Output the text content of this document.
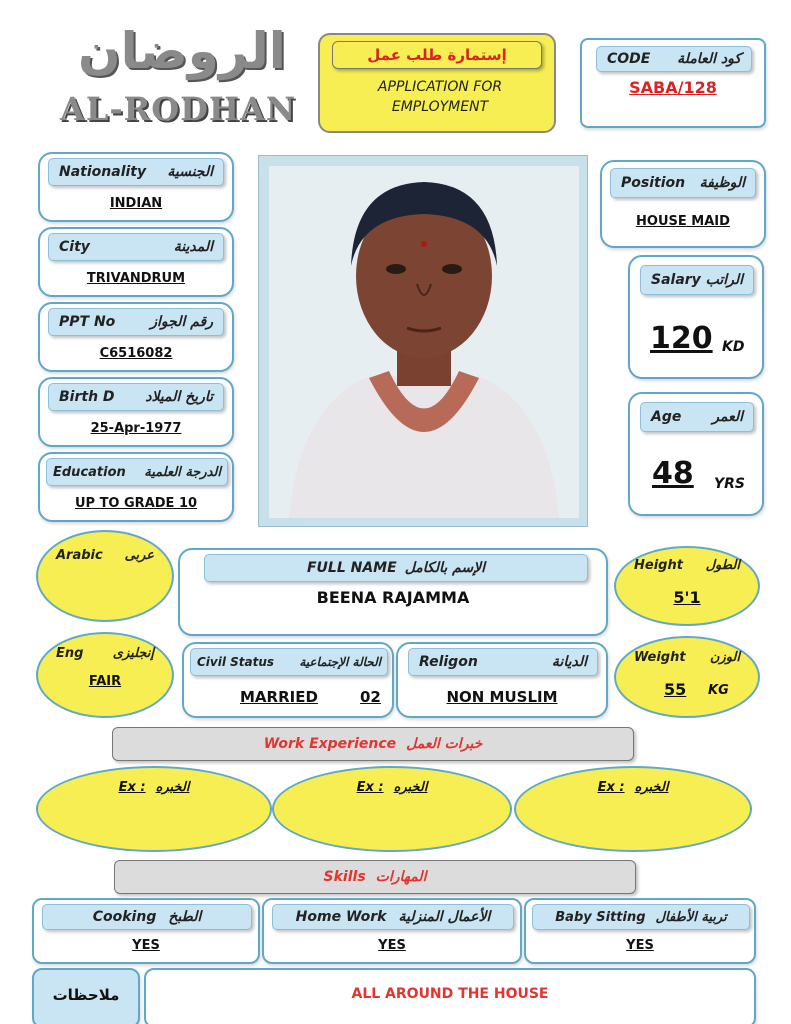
الروضان
AL-RODHAN
إستمارة طلب عمل
APPLICATION FOR EMPLOYMENT
CODE كود العاملة
SABA/128
Nationality الجنسية
INDIAN
City	المدينة
TRIVANDRUM
PPT No رقم الجواز
C6516082
Birth D تاريخ الميلاد
25-Apr-1977
Education الدرجة العلمية
UP TO GRADE 10
Position الوظيفة
HOUSE MAID
Salary الراتب
120 KD
Age العمر
48 YRS
Arabic عربى
Eng إنجليزى
FAIR
FULL NAME الإسم بالكامل
BEENA RAJAMMA
Height الطول
5'1
Weight الوزن
55 KG
Civil Status الحالة الإجتماعية
MARRIED	02
Religon	الديانة
NON MUSLIM
Work Experience خبرات العمل
Ex : الخبره	Ex : الخبره	Ex : الخبره
Skills المهارات
Cooking الطبخ
YES
Home Work الأعمال المنزلية
YES
Baby Sitting تربية الأطفال
YES
ملاحظات	ALL AROUND THE HOUSE
